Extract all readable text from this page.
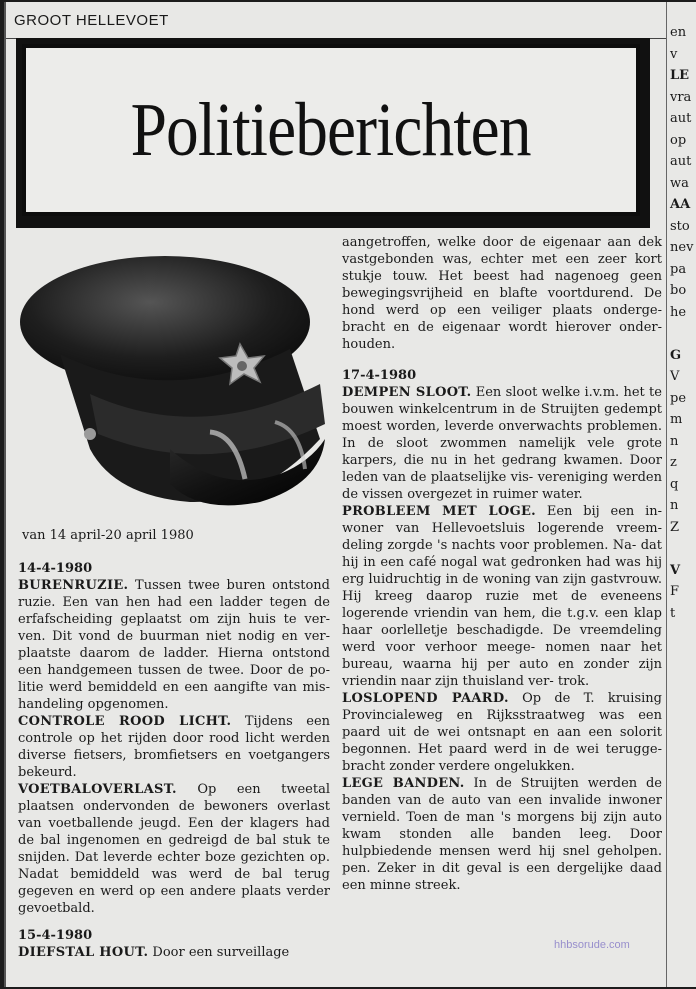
GROOT HELLEVOET
Politieberichten
van 14 april-20 april 1980
14-4-1980
BURENRUZIE. Tussen twee buren ontstond ruzie. Een van hen had een ladder tegen de erfafscheiding geplaatst om zijn huis te ver- ven. Dit vond de buurman niet nodig en ver- plaatste daarom de ladder. Hierna ontstond een handgemeen tussen de twee. Door de po- litie werd bemiddeld en een aangifte van mis- handeling opgenomen.
CONTROLE ROOD LICHT. Tijdens een controle op het rijden door rood licht werden diverse fietsers, bromfietsers en voetgangers bekeurd.
VOETBALOVERLAST. Op een tweetal plaatsen ondervonden de bewoners overlast van voetballende jeugd. Een der klagers had de bal ingenomen en gedreigd de bal stuk te snijden. Dat leverde echter boze gezichten op. Nadat bemiddeld was werd de bal terug gegeven en werd op een andere plaats verder gevoetbald.
15-4-1980
DIEFSTAL HOUT. Door een surveillage
aangetroffen, welke door de eigenaar aan dek vastgebonden was, echter met een zeer kort stukje touw. Het beest had nagenoeg geen bewegingsvrijheid en blafte voortdurend. De hond werd op een veiliger plaats onderge- bracht en de eigenaar wordt hierover onder- houden.
17-4-1980
DEMPEN SLOOT. Een sloot welke i.v.m. het te bouwen winkelcentrum in de Struijten gedempt moest worden, leverde onverwachts problemen. In de sloot zwommen namelijk vele grote karpers, die nu in het gedrang kwamen. Door leden van de plaatselijke vis- vereniging werden de vissen overgezet in ruimer water.
PROBLEEM MET LOGE. Een bij een in- woner van Hellevoetsluis logerende vreem- deling zorgde 's nachts voor problemen. Na- dat hij in een café nogal wat gedronken had was hij erg luidruchtig in de woning van zijn gastvrouw. Hij kreeg daarop ruzie met de eveneens logerende vriendin van hem, die t.g.v. een klap haar oorlelletje beschadigde. De vreemdeling werd voor verhoor meege- nomen naar het bureau, waarna hij per auto en zonder zijn vriendin naar zijn thuisland ver- trok.
LOSLOPEND PAARD. Op de T. kruising Provincialeweg en Rijksstraatweg was een paard uit de wei ontsnapt en aan een solorit begonnen. Het paard werd in de wei terugge- bracht zonder verdere ongelukken.
LEGE BANDEN. In de Struijten werden de banden van de auto van een invalide inwoner vernield. Toen de man 's morgens bij zijn auto kwam stonden alle banden leeg. Door hulpbiedende mensen werd hij snel geholpen. pen. Zeker in dit geval is een dergelijke daad een minne streek.
en v
LE
vra
aut
op
aut
wa
AA
sto
nev
pa
bo
he

G
V
pe
m
n
z
q
n
Z

V
F
t
hhbsorude.com
